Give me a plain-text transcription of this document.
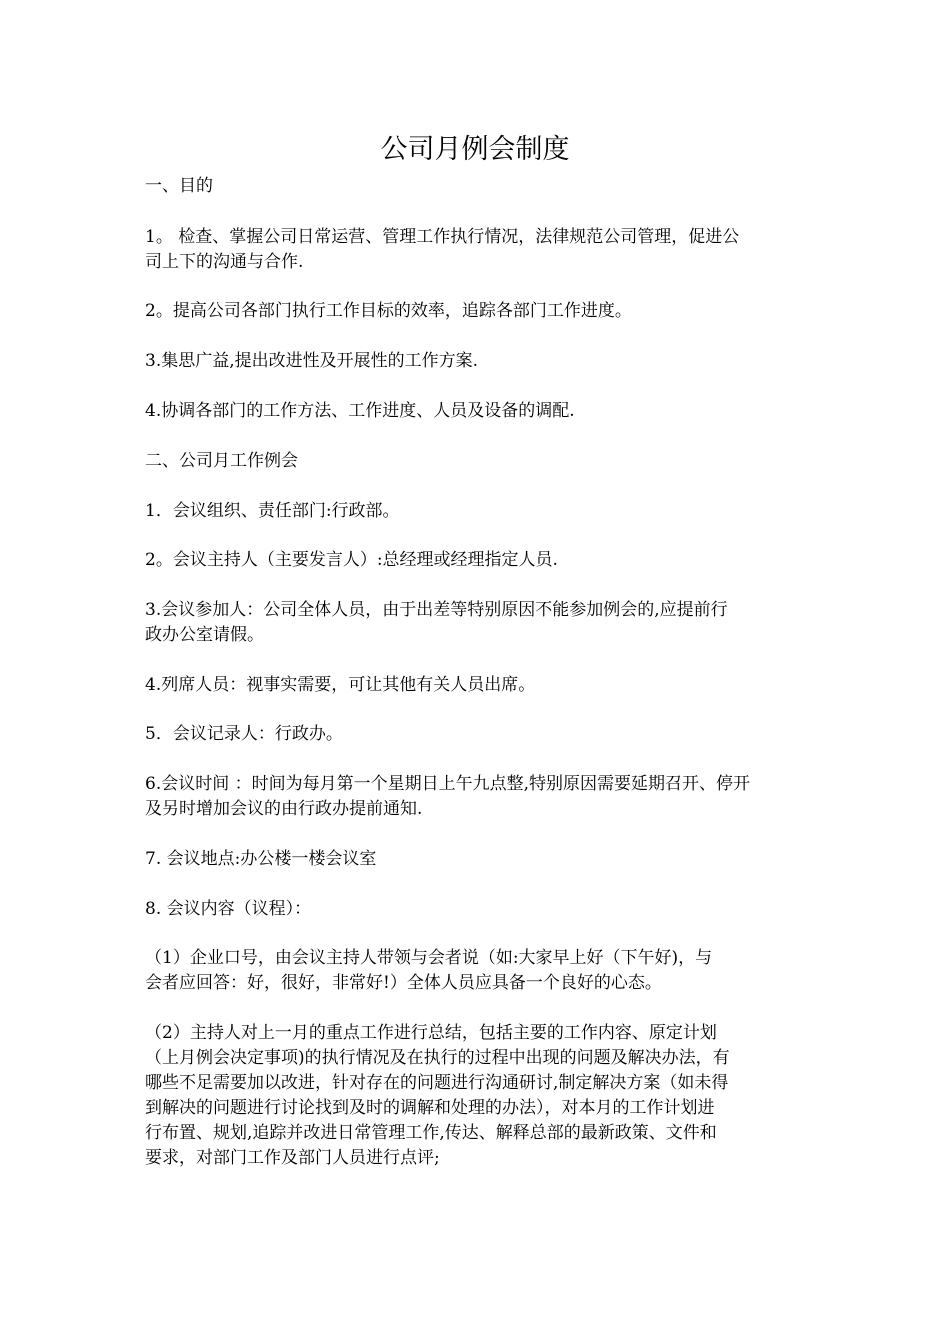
公司月例会制度
一、目的
1。 检查、掌握公司日常运营、管理工作执行情况，法律规范公司管理，促进公
司上下的沟通与合作.
2。提高公司各部门执行工作目标的效率，追踪各部门工作进度。
3.集思广益,提出改进性及开展性的工作方案.
4.协调各部门的工作方法、工作进度、人员及设备的调配.
二、公司月工作例会
1．会议组织、责任部门:行政部。
2。会议主持人（主要发言人）:总经理或经理指定人员.
3.会议参加人：公司全体人员，由于出差等特别原因不能参加例会的,应提前行
政办公室请假。
4.列席人员：视事实需要，可让其他有关人员出席。
5．会议记录人：行政办。
6.会议时间 ：时间为每月第一个星期日上午九点整,特别原因需要延期召开、停开
及另时增加会议的由行政办提前通知.
7. 会议地点:办公楼一楼会议室
8. 会议内容（议程）：
（1）企业口号，由会议主持人带领与会者说（如:大家早上好（下午好)，与
会者应回答：好，很好，非常好!）全体人员应具备一个良好的心态。
（2）主持人对上一月的重点工作进行总结，包括主要的工作内容、原定计划
（上月例会决定事项)的执行情况及在执行的过程中出现的问题及解决办法，有
哪些不足需要加以改进，针对存在的问题进行沟通研讨,制定解决方案（如未得
到解决的问题进行讨论找到及时的调解和处理的办法），对本月的工作计划进
行布置、规划,追踪并改进日常管理工作,传达、解释总部的最新政策、文件和
要求，对部门工作及部门人员进行点评;
